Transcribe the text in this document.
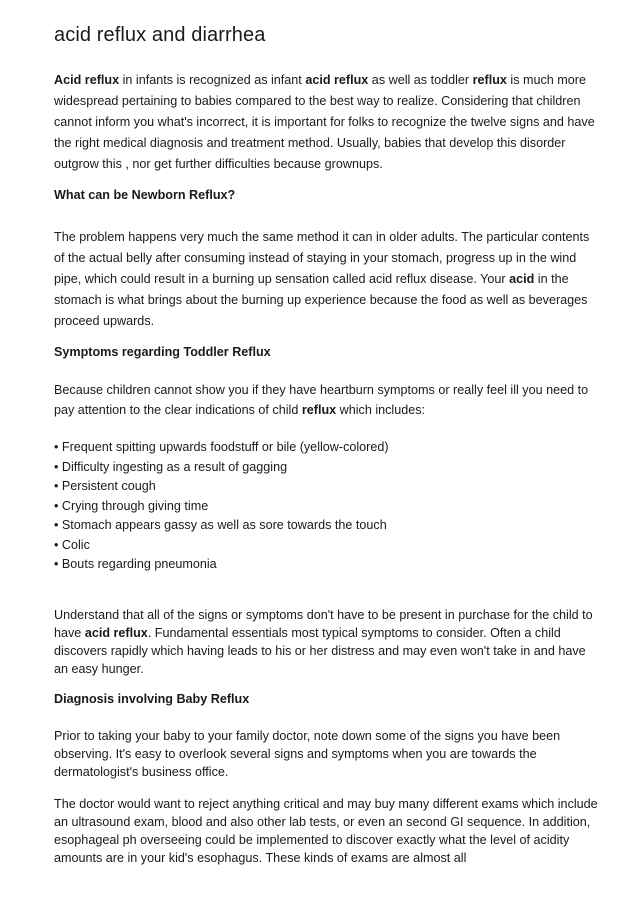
acid reflux and diarrhea

Acid reflux in infants is recognized as infant acid reflux as well as toddler reflux is much more widespread pertaining to babies compared to the best way to realize. Considering that children cannot inform you what's incorrect, it is important for folks to recognize the twelve signs and have the right medical diagnosis and treatment method. Usually, babies that develop this disorder outgrow this , nor get further difficulties because grownups.

What can be Newborn Reflux?

The problem happens very much the same method it can in older adults. The particular contents of the actual belly after consuming instead of staying in your stomach, progress up in the wind pipe, which could result in a burning up sensation called acid reflux disease. Your acid in the stomach is what brings about the burning up experience because the food as well as beverages proceed upwards.

Symptoms regarding Toddler Reflux

Because children cannot show you if they have heartburn symptoms or really feel ill you need to pay attention to the clear indications of child reflux which includes:

• Frequent spitting upwards foodstuff or bile (yellow-colored)
• Difficulty ingesting as a result of gagging
• Persistent cough
• Crying through giving time
• Stomach appears gassy as well as sore towards the touch
• Colic
• Bouts regarding pneumonia

Understand that all of the signs or symptoms don't have to be present in purchase for the child to have acid reflux. Fundamental essentials most typical symptoms to consider. Often a child discovers rapidly which having leads to his or her distress and may even won't take in and have an easy hunger.

Diagnosis involving Baby Reflux

Prior to taking your baby to your family doctor, note down some of the signs you have been observing. It's easy to overlook several signs and symptoms when you are towards the dermatologist's business office.

The doctor would want to reject anything critical and may buy many different exams which include an ultrasound exam, blood and also other lab tests, or even an second GI sequence. In addition, esophageal ph overseeing could be implemented to discover exactly what the level of acidity amounts are in your kid's esophagus. These kinds of exams are almost all
